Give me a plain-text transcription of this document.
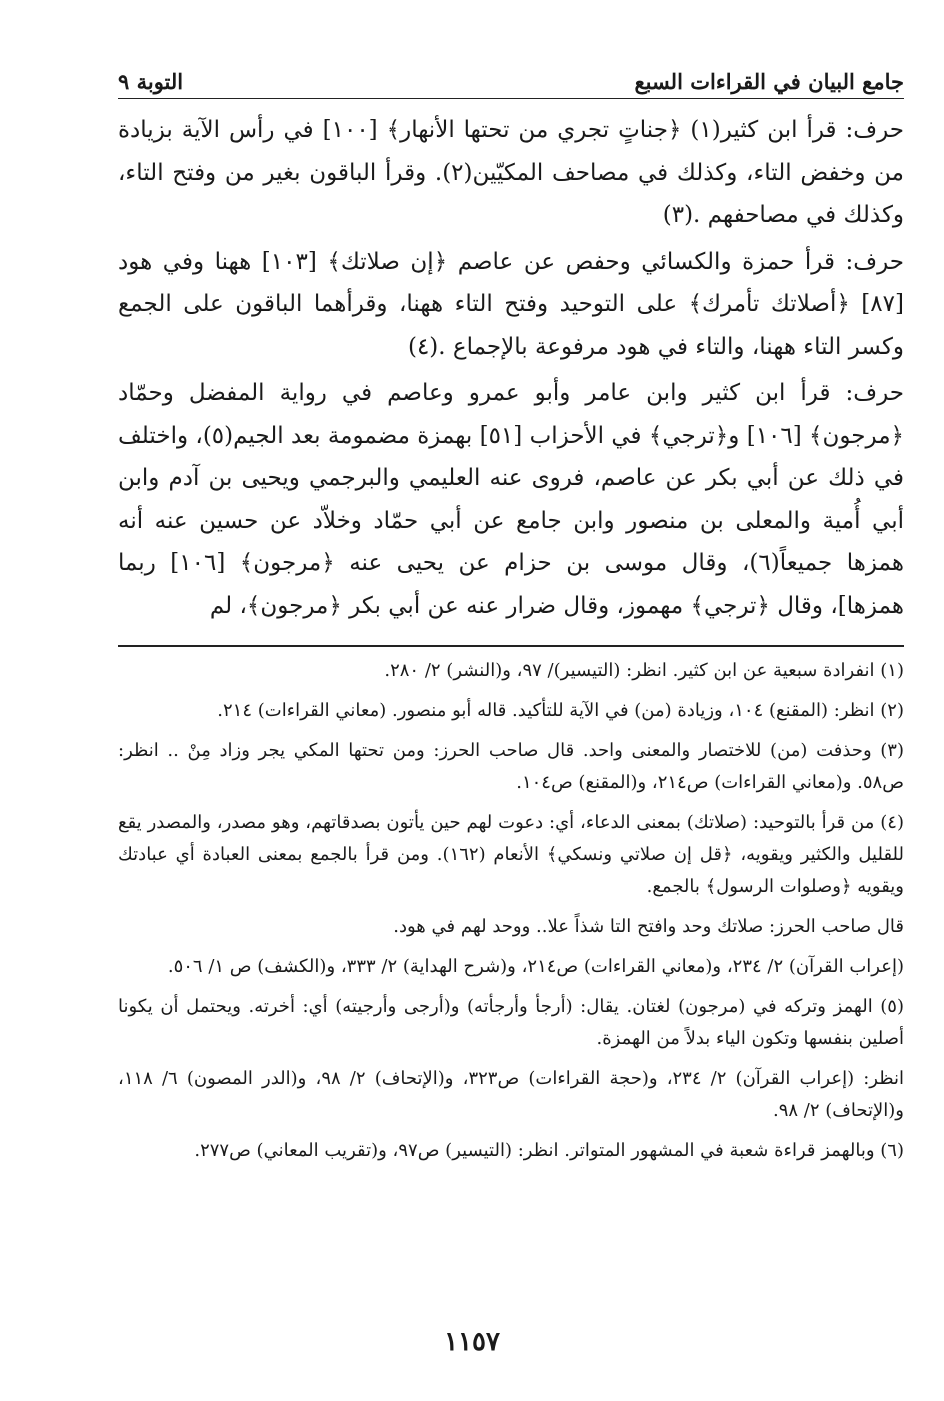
جامع البيان في القراءات السبع
التوبة ٩

حرف: قرأ ابن كثير(١) ﴿جناتٍ تجري من تحتها الأنهار﴾ [١٠٠] في رأس الآية بزيادة من وخفض التاء، وكذلك في مصاحف المكيّين(٢). وقرأ الباقون بغير من وفتح التاء، وكذلك في مصاحفهم .(٣)

حرف: قرأ حمزة والكسائي وحفص عن عاصم ﴿إن صلاتك﴾ [١٠٣] ههنا وفي هود [٨٧] ﴿أصلاتك تأمرك﴾ على التوحيد وفتح التاء ههنا، وقرأهما الباقون على الجمع وكسر التاء ههنا، والتاء في هود مرفوعة بالإجماع .(٤)

حرف: قرأ ابن كثير وابن عامر وأبو عمرو وعاصم في رواية المفضل وحمّاد ﴿مرجون﴾ [١٠٦] و﴿ترجي﴾ في الأحزاب [٥١] بهمزة مضمومة بعد الجيم(٥)، واختلف في ذلك عن أبي بكر عن عاصم، فروى عنه العليمي والبرجمي ويحيى بن آدم وابن أبي أُمية والمعلى بن منصور وابن جامع عن أبي حمّاد وخلاّد عن حسين عنه أنه همزها جميعاً(٦)، وقال موسى بن حزام عن يحيى عنه ﴿مرجون﴾ [١٠٦] ربما همزها]، وقال ﴿ترجي﴾ مهموز، وقال ضرار عنه عن أبي بكر ﴿مرجون﴾، لم

(١) انفرادة سبعية عن ابن كثير. انظر: (التيسير)/ ٩٧، و(النشر) ٢/ ٢٨٠.

(٢) انظر: (المقنع) ١٠٤، وزيادة (من) في الآية للتأكيد. قاله أبو منصور. (معاني القراءات) ٢١٤.

(٣) وحذفت (من) للاختصار والمعنى واحد. قال صاحب الحرز: ومن تحتها المكي يجر وزاد مِنْ .. انظر: ص٥٨. و(معاني القراءات) ص٢١٤، و(المقنع) ص١٠٤.

(٤) من قرأ بالتوحيد: (صلاتك) بمعنى الدعاء، أي: دعوت لهم حين يأتون بصدقاتهم، وهو مصدر، والمصدر يقع للقليل والكثير ويقويه، ﴿قل إن صلاتي ونسكي﴾ الأنعام (١٦٢). ومن قرأ بالجمع بمعنى العبادة أي عبادتك ويقويه ﴿وصلوات الرسول﴾ بالجمع.

قال صاحب الحرز: صلاتك وحد وافتح التا شذاً علا.. ووحد لهم في هود.

(إعراب القرآن) ٢/ ٢٣٤، و(معاني القراءات) ص٢١٤، و(شرح الهداية) ٢/ ٣٣٣، و(الكشف) ص ١/ ٥٠٦.

(٥) الهمز وتركه في (مرجون) لغتان. يقال: (أرجأ وأرجأته) و(أرجى وأرجيته) أي: أخرته. ويحتمل أن يكونا أصلين بنفسها وتكون الياء بدلاً من الهمزة.

انظر: (إعراب القرآن) ٢/ ٢٣٤، و(حجة القراءات) ص٣٢٣، و(الإتحاف) ٢/ ٩٨، و(الدر المصون) ٦/ ١١٨، و(الإتحاف) ٢/ ٩٨.

(٦) وبالهمز قراءة شعبة في المشهور المتواتر. انظر: (التيسير) ص٩٧، و(تقريب المعاني) ص٢٧٧.

١١٥٧
